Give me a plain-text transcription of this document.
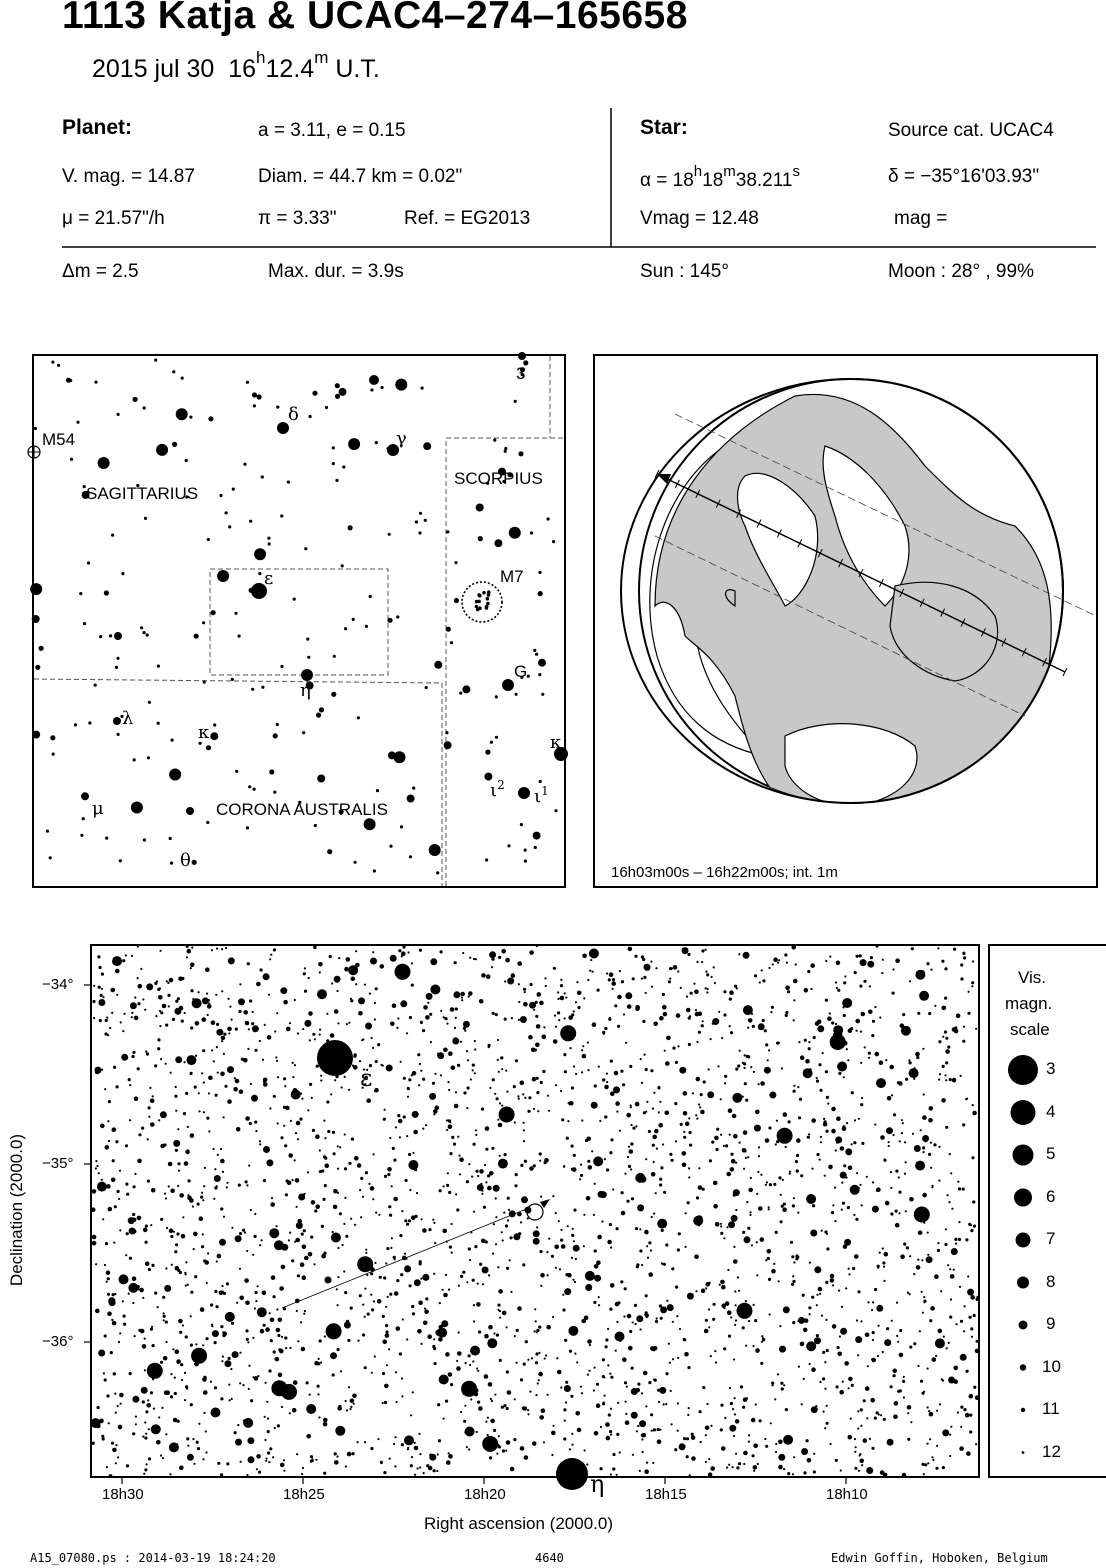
1113 Katja & UCAC4–274–165658
2015 jul 30 16$^h$12.4$^m$ U.T.
Planet:	a = 3.11, e = 0.15
V. mag. = 14.87	Diam. = 44.7 km = 0.02"
μ = 21.57"/h	π = 3.33"	Ref. = EG2013
Star:	Source cat. UCAC4
$\alpha = 18^h18^m38.211^s$	δ = −35°16'03.93"
Vmag = 12.48	mag =
Δm = 2.5	Max. dur. = 3.9s	Sun : 145°	Moon : 28° , 99%
SAGITTARIUS
SCORPIUS
CORONA AUSTRALIS
M54
M7
G
3
δ
γ
ε
η
λ
κ	κ
μ
θ
$\iota^2$
$\iota^1$
16h03m00s – 16h22m00s; int. 1m
ε
η
−34°
−35°
−36°
18h30	18h25	18h20	18h15	18h10
Right ascension (2000.0)
Declination (2000.0)
Vis.
magn.
scale
3
4
5
6
7
8
9
10
11
12
A15_07080.ps : 2014-03-19 18:24:20	4640	Edwin Goffin, Hoboken, Belgium
